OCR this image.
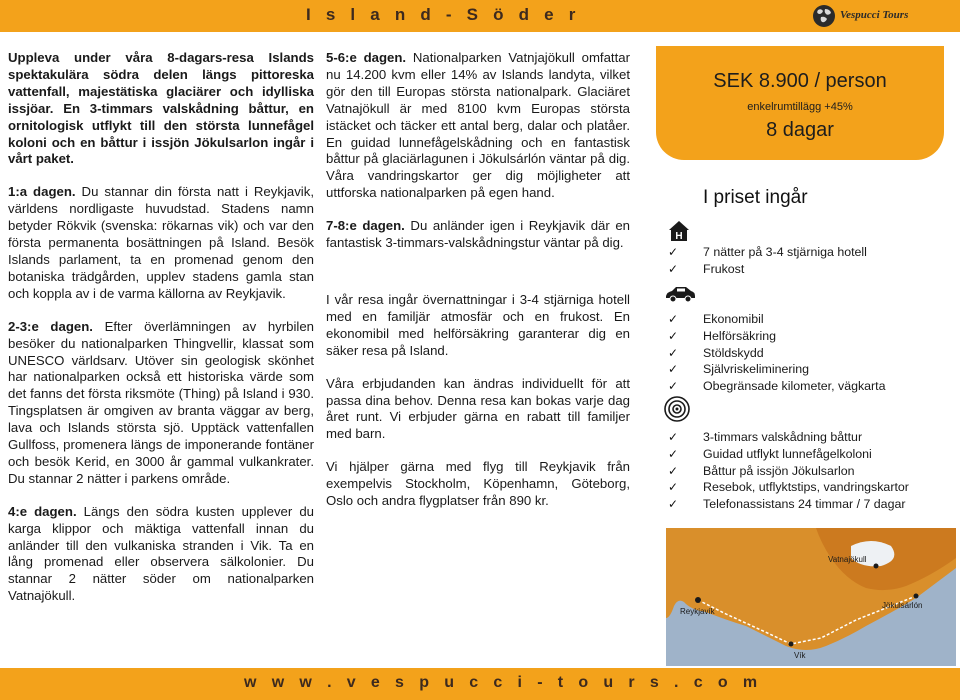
I s l a n d - S ö d e r	Vespucci Tours

Uppleva under våra 8-dagars-resa Islands spektakulära södra delen längs pittoreska vattenfall, majestätiska glaciärer och idylliska issjöar. En 3-timmars valskådning båttur, en ornitologisk utflykt till den största lunnefågel koloni och en båttur i issjön Jökulsarlon ingår i vårt paket.

1:a dagen. Du stannar din första natt i Reykjavik, världens nordligaste huvudstad. Stadens namn betyder Rökvik (svenska: rökarnas vik) och var den första permanenta bosättningen på Island. Besök Islands parlament, ta en promenad genom den botaniska trädgården, upplev stadens gamla stan och koppla av i de varma källorna av Reykjavik.

2-3:e dagen. Efter överlämningen av hyrbilen besöker du nationalparken Thingvellir, klassat som UNESCO världsarv. Utöver sin geologisk skönhet har nationalparken också ett historiska värde som det fanns det första riksmöte (Thing) på Island i 930. Tingsplatsen är omgiven av branta väggar av berg, lava och Islands största sjö. Upptäck vattenfallen Gullfoss, promenera längs de imponerande fontäner och besök Kerid, en 3000 år gammal vulkankrater. Du stannar 2 nätter i parkens område.

4:e dagen. Längs den södra kusten upplever du karga klippor och mäktiga vattenfall innan du anländer till den vulkaniska stranden i Vik. Ta en lång promenad eller observera sälkolonier. Du stannar 2 nätter söder om nationalparken Vatnajökull.

5-6:e dagen. Nationalparken Vatnjajökull omfattar nu 14.200 kvm eller 14% av Islands landyta, vilket gör den till Europas största nationalpark. Glaciäret Vatnajökull är med 8100 kvm Europas största istäcket och täcker ett antal berg, dalar och platåer. En guidad lunnefågelskådning och en fantastisk båttur på glaciärlagunen i Jökulsárlón väntar på dig. Våra vandringskartor ger dig möjligheter att uttforska nationalparken på egen hand.

7-8:e dagen. Du anländer igen i Reykjavik där en fantastisk 3-timmars-valskådningstur väntar på dig.

I vår resa ingår övernattningar i 3-4 stjärniga hotell med en familjär atmosfär och en frukost. En ekonomibil med helförsäkring garanterar dig en säker resa på Island.

Våra erbjudanden kan ändras individuellt för att passa dina behov. Denna resa kan bokas varje dag året runt. Vi erbjuder gärna en rabatt till familjer med barn.

Vi hjälper gärna med flyg till Reykjavik från exempelvis Stockholm, Köpenhamn, Göteborg, Oslo och andra flygplatser från 890 kr.

SEK 8.900 / person
enkelrumtillägg +45%
8 dagar
I priset ingår
H
✓ 7 nätter på 3-4 stjärniga hotell
✓ Frukost
✓ Ekonomibil
✓ Helförsäkring
✓ Stöldskydd
✓ Självriskeliminering
✓ Obegränsade kilometer, vägkarta
✓ 3-timmars valskådning båttur
✓ Guidad utflykt lunnefågelkoloni
✓ Båttur på issjön Jökulsarlon
✓ Resebok, utflyktstips, vandringskartor
✓ Telefonassistans 24 timmar / 7 dagar
Reykjavík
Vatnajökull
Jökulsárlón
Vík
w w w . v e s p u c c i - t o u r s . c o m
